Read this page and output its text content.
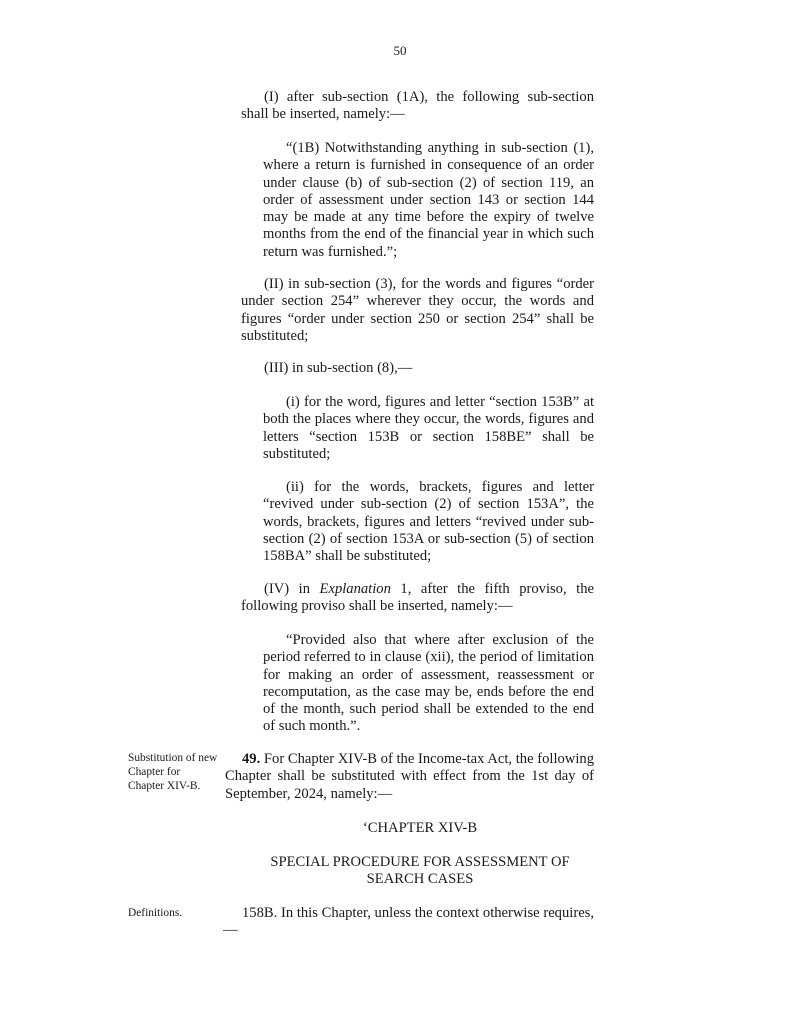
50
(I) after sub-section (1A), the following sub-section shall be inserted, namely:—
“(1B) Notwithstanding anything in sub-section (1), where a return is furnished in consequence of an order under clause (b) of sub-section (2) of section 119, an order of assessment under section 143 or section 144 may be made at any time before the expiry of twelve months from the end of the financial year in which such return was furnished.”;
(II) in sub-section (3), for the words and figures “order under section 254” wherever they occur, the words and figures “order under section 250 or section 254” shall be substituted;
(III) in sub-section (8),—
(i) for the word, figures and letter “section 153B” at both the places where they occur, the words, figures and letters “section 153B or section 158BE” shall be substituted;
(ii) for the words, brackets, figures and letter “revived under sub-section (2) of section 153A”, the words, brackets, figures and letters “revived under sub-section (2) of section 153A or sub-section (5) of section 158BA” shall be substituted;
(IV) in Explanation 1, after the fifth proviso, the following proviso shall be inserted, namely:—
“Provided also that where after exclusion of the period referred to in clause (xii), the period of limitation for making an order of assessment, reassessment or recomputation, as the case may be, ends before the end of the month, such period shall be extended to the end of such month.”.
Substitution of new Chapter for Chapter XIV-B.
49. For Chapter XIV-B of the Income-tax Act, the following Chapter shall be substituted with effect from the 1st day of September, 2024, namely:—
‘CHAPTER XIV-B
SPECIAL PROCEDURE FOR ASSESSMENT OF SEARCH CASES
Definitions.	158B. In this Chapter, unless the context otherwise requires,—
